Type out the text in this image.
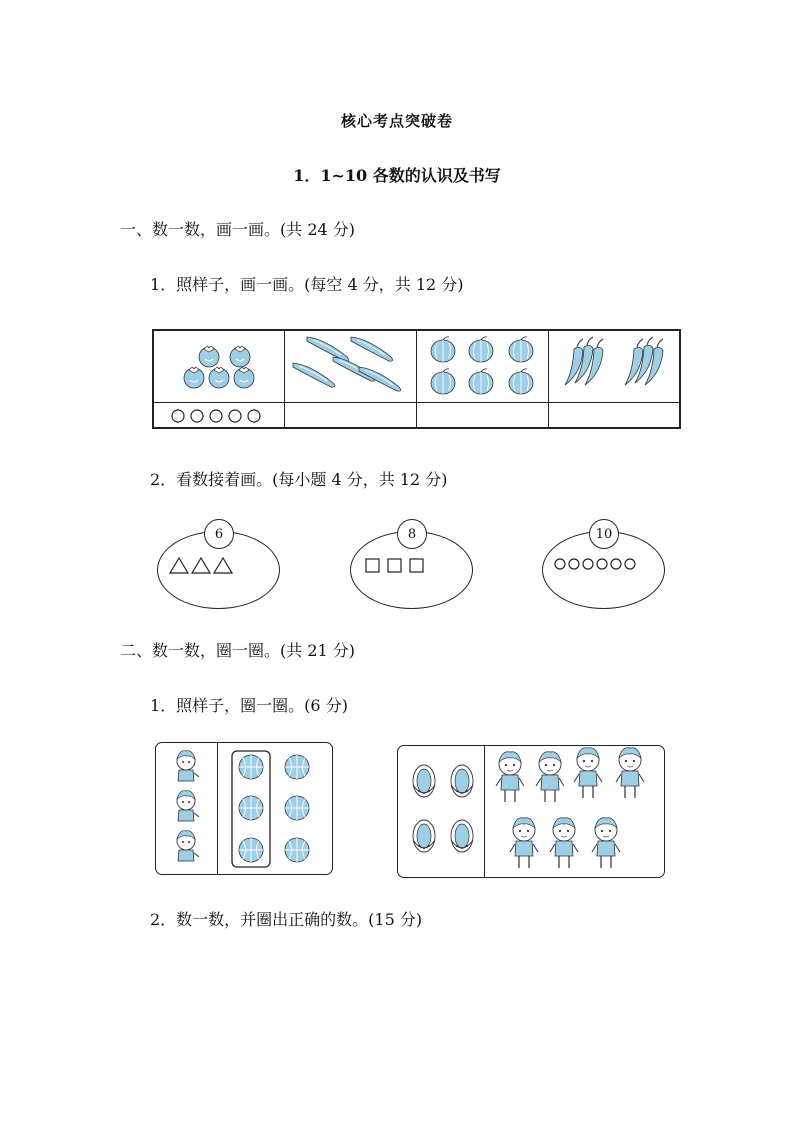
核心考点突破卷
1．1~10 各数的认识及书写
一、数一数，画一画。(共 24 分)
1．照样子，画一画。(每空 4 分，共 12 分)
2．看数接着画。(每小题 4 分，共 12 分)
6	8	10
二、数一数，圈一圈。(共 21 分)
1．照样子，圈一圈。(6 分)
2．数一数，并圈出正确的数。(15 分)
